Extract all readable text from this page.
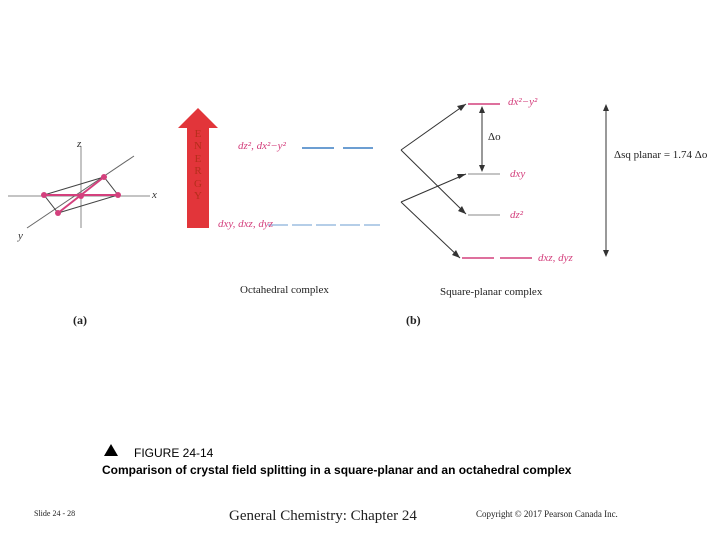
E
N
E
R
G
Y
z
x
y
dz², dx²−y²
dxy, dxz, dyz
Octahedral complex
(a)
dx²−y²
dxy
dz²
dxz, dyz
Δo
Δsq planar = 1.74 Δo
Square-planar complex
(b)
FIGURE 24-14
Comparison of crystal field splitting in a square-planar and an octahedral complex
Slide 24 - 28	General Chemistry: Chapter 24	Copyright © 2017 Pearson Canada Inc.
